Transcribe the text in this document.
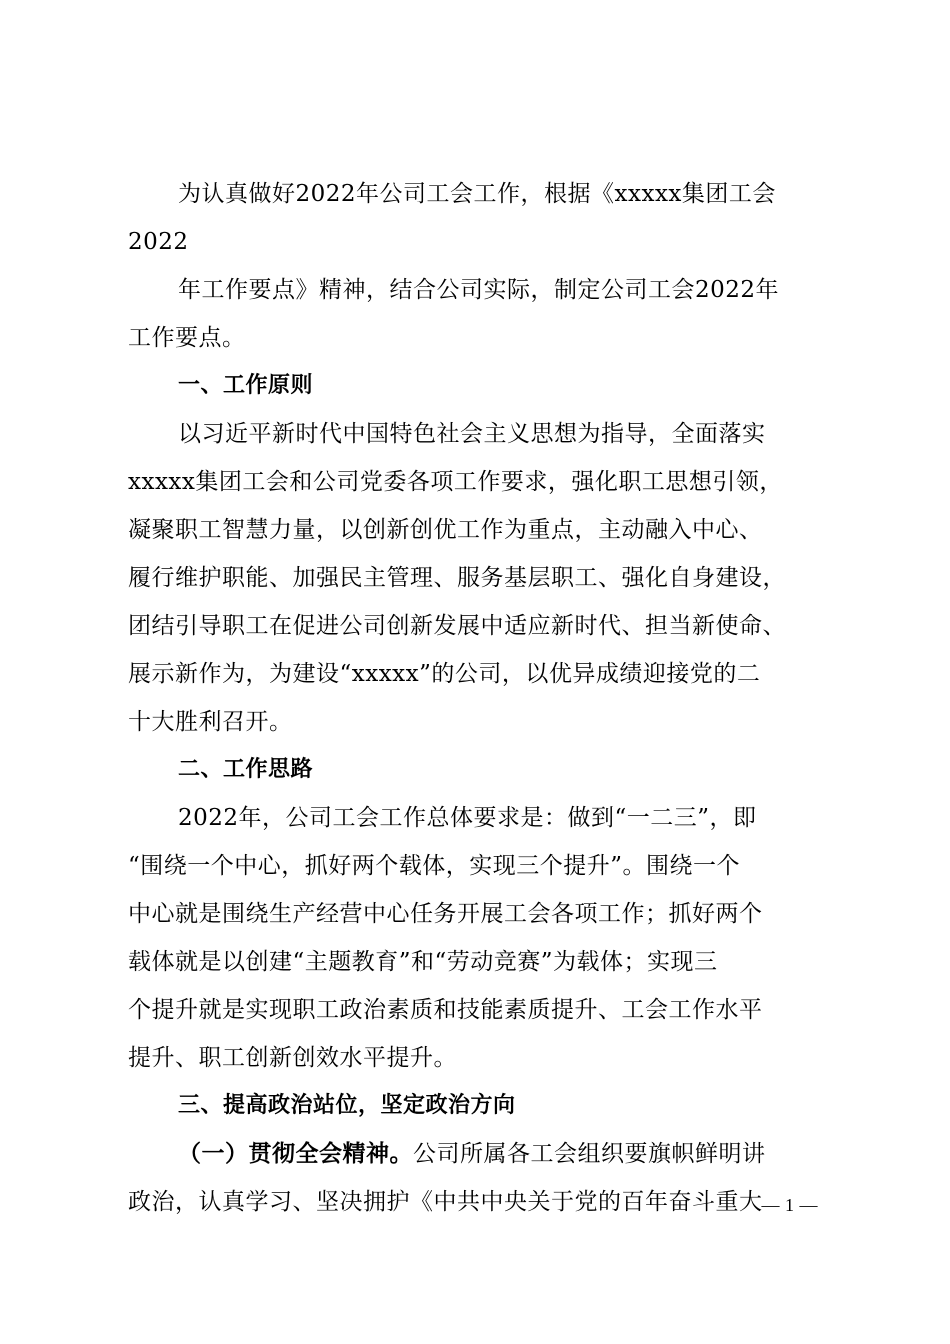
为认真做好2022年公司工会工作，根据《xxxxx集团工会
2022
年工作要点》精神，结合公司实际，制定公司工会2022年
工作要点。
一、工作原则
以习近平新时代中国特色社会主义思想为指导，全面落实
xxxxx集团工会和公司党委各项工作要求，强化职工思想引领，
凝聚职工智慧力量，以创新创优工作为重点，主动融入中心、
履行维护职能、加强民主管理、服务基层职工、强化自身建设，
团结引导职工在促进公司创新发展中适应新时代、担当新使命、
展示新作为，为建设“xxxxx”的公司，以优异成绩迎接党的二
十大胜利召开。
二、工作思路
2022年，公司工会工作总体要求是：做到“一二三”，即
“围绕一个中心，抓好两个载体，实现三个提升”。围绕一个
中心就是围绕生产经营中心任务开展工会各项工作；抓好两个
载体就是以创建“主题教育”和“劳动竞赛”为载体；实现三
个提升就是实现职工政治素质和技能素质提升、工会工作水平
提升、职工创新创效水平提升。
三、提高政治站位，坚定政治方向
（一）贯彻全会精神。公司所属各工会组织要旗帜鲜明讲
政治，认真学习、坚决拥护《中共中央关于党的百年奋斗重大 — 1 —
